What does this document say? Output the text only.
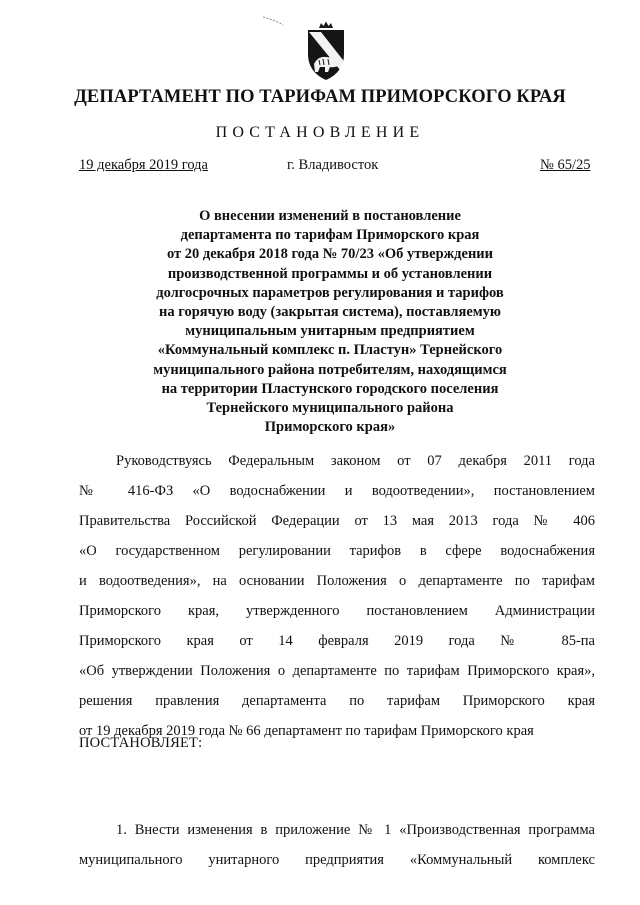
ДЕПАРТАМЕНТ ПО ТАРИФАМ ПРИМОРСКОГО КРАЯ
ПОСТАНОВЛЕНИЕ
19 декабря 2019 года	г. Владивосток	№ 65/25
О внесении изменений в постановление
департамента по тарифам Приморского края
от 20 декабря 2018 года № 70/23 «Об утверждении
производственной программы и об установлении
долгосрочных параметров регулирования и тарифов
на горячую воду (закрытая система), поставляемую
муниципальным унитарным предприятием
«Коммунальный комплекс п. Пластун» Тернейского
муниципального района потребителям, находящимся
на территории Пластунского городского поселения
Тернейского муниципального района
Приморского края»
Руководствуясь Федеральным законом от 07 декабря 2011 года
№ 416-ФЗ «О водоснабжении и водоотведении», постановлением
Правительства Российской Федерации от 13 мая 2013 года № 406
«О государственном регулировании тарифов в сфере водоснабжения
и водоотведения», на основании Положения о департаменте по тарифам
Приморского края, утвержденного постановлением Администрации
Приморского края от 14 февраля 2019 года № 85-па
«Об утверждении Положения о департаменте по тарифам Приморского края»,
решения правления департамента по тарифам Приморского края
от 19 декабря 2019 года № 66 департамент по тарифам Приморского края
ПОСТАНОВЛЯЕТ:
1. Внести изменения в приложение № 1 «Производственная программа
муниципального унитарного предприятия «Коммунальный комплекс
